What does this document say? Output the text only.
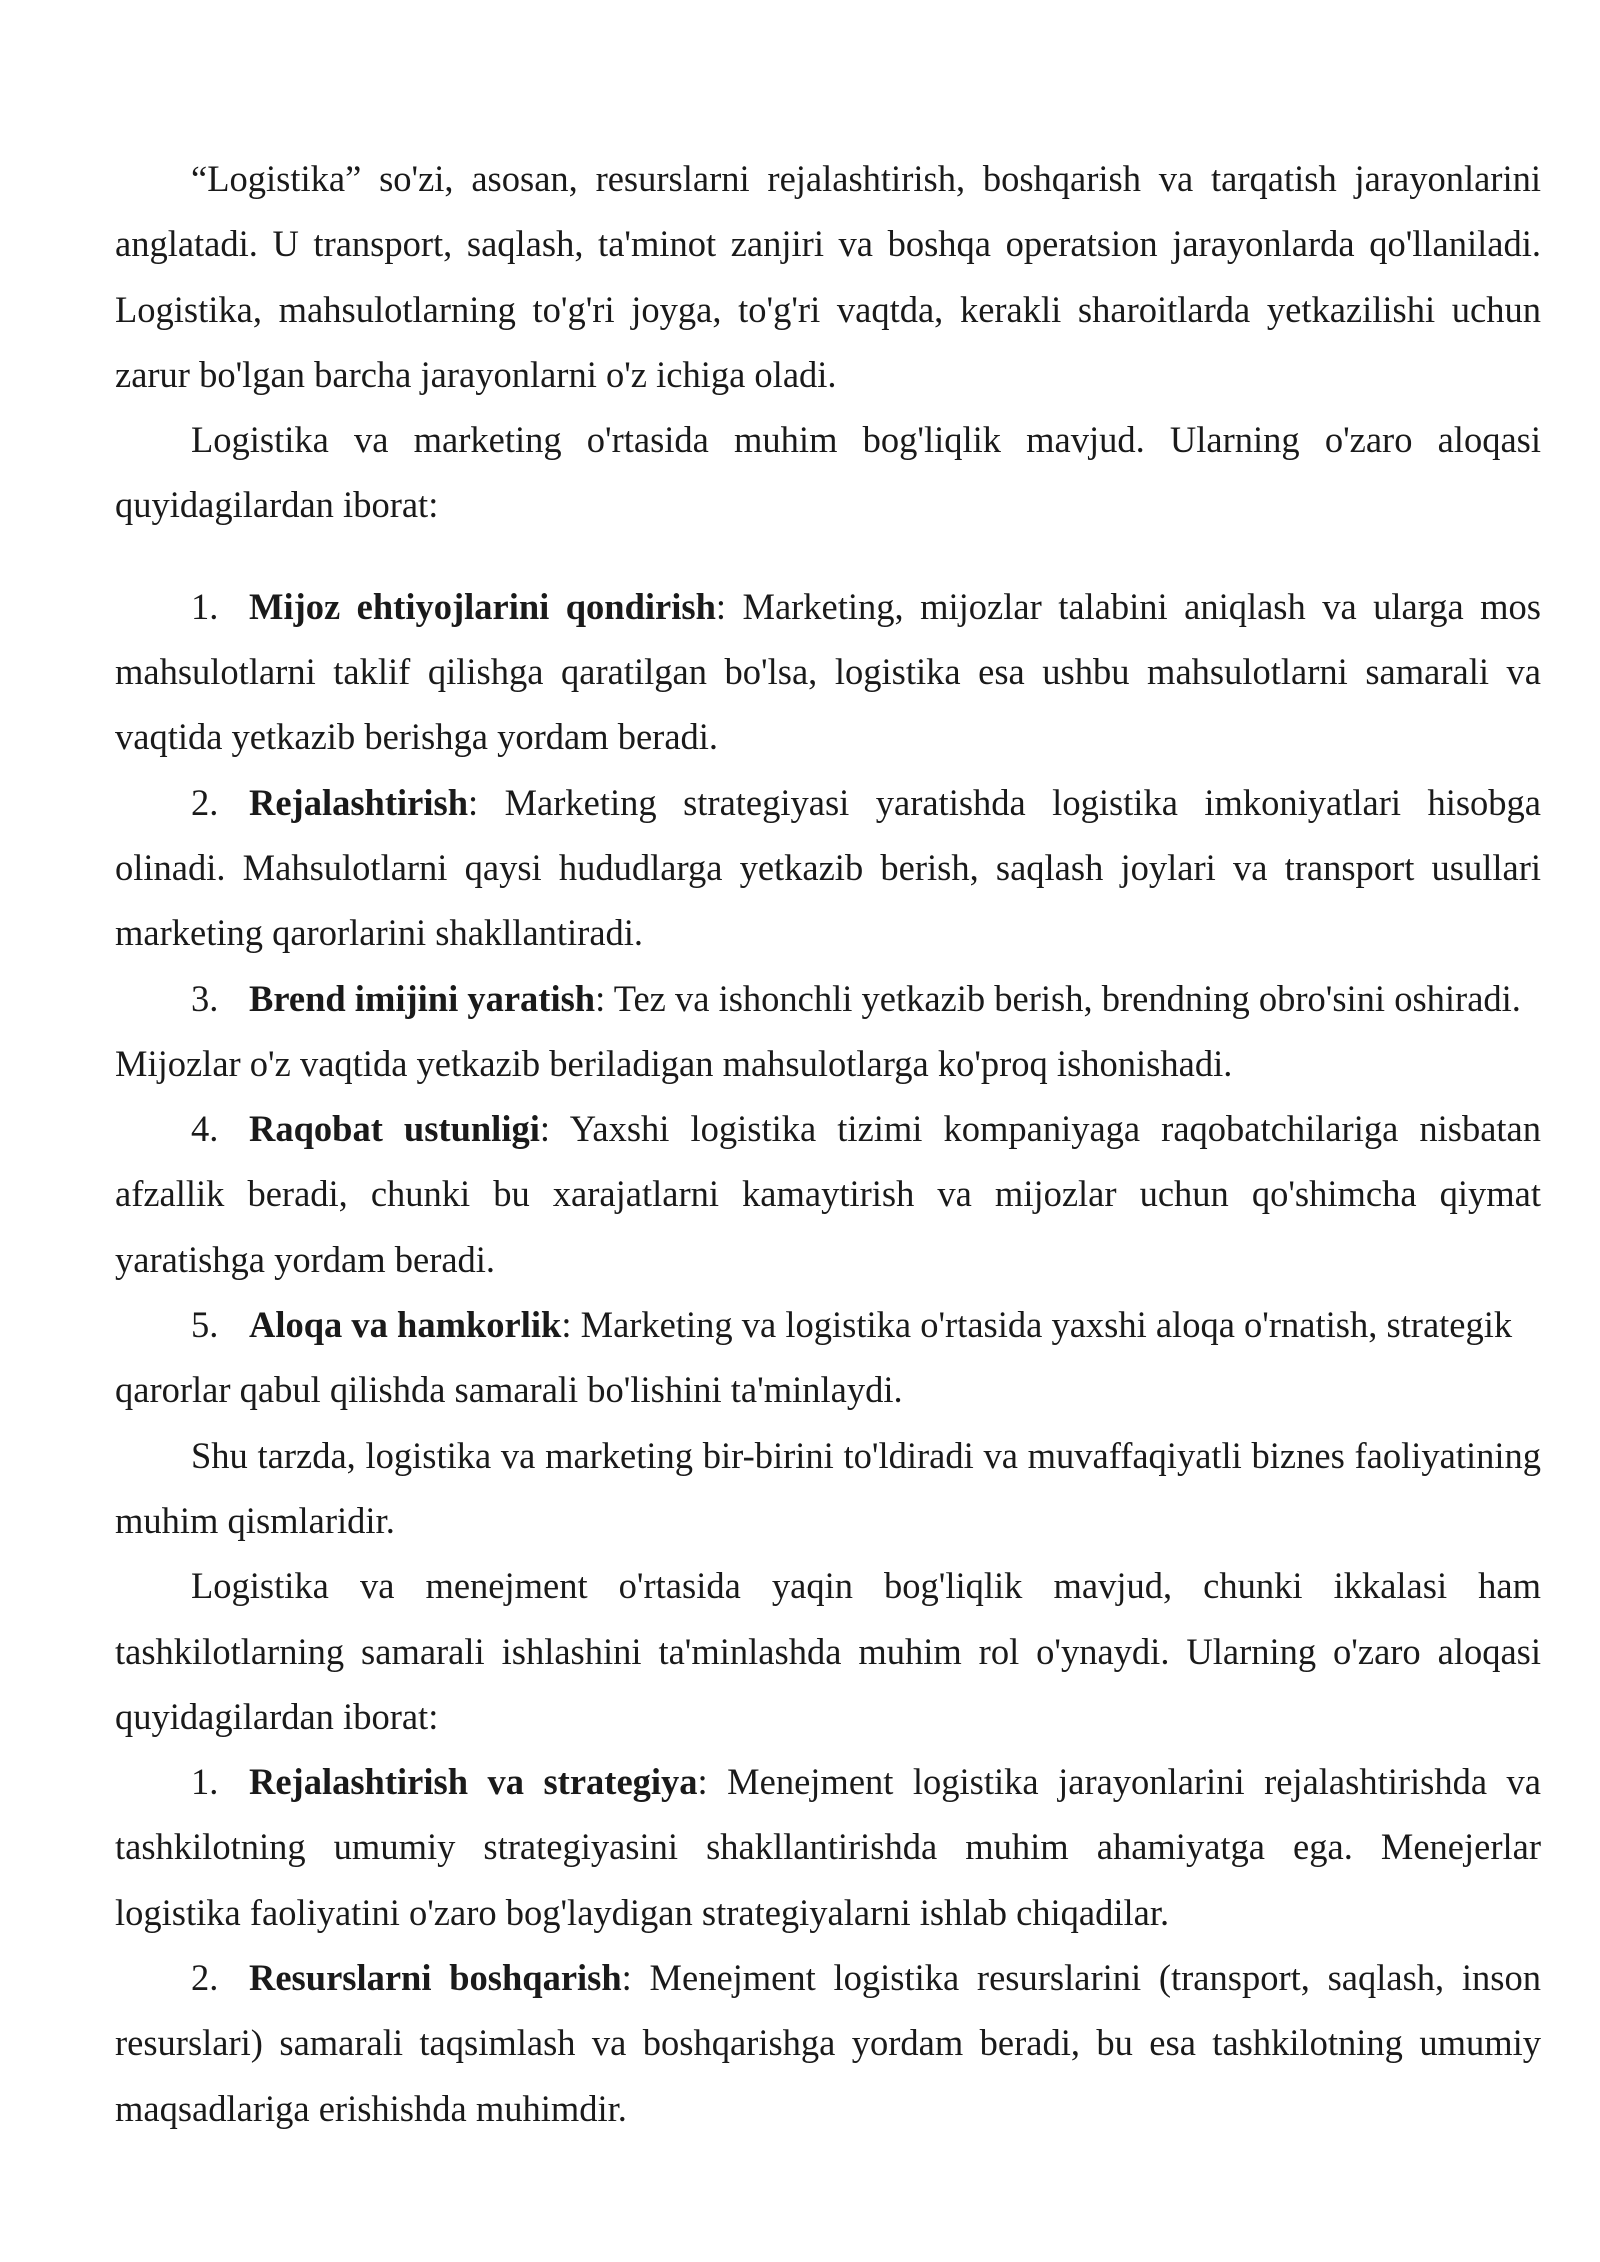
“Logistika” so'zi, asosan, resurslarni rejalashtirish, boshqarish va tarqatish jarayonlarini anglatadi. U transport, saqlash, ta'minot zanjiri va boshqa operatsion jarayonlarda qo'llaniladi. Logistika, mahsulotlarning to'g'ri joyga, to'g'ri vaqtda, kerakli sharoitlarda yetkazilishi uchun zarur bo'lgan barcha jarayonlarni o'z ichiga oladi.

Logistika va marketing o'rtasida muhim bog'liqlik mavjud. Ularning o'zaro aloqasi quyidagilardan iborat:

1. Mijoz ehtiyojlarini qondirish: Marketing, mijozlar talabini aniqlash va ularga mos mahsulotlarni taklif qilishga qaratilgan bo'lsa, logistika esa ushbu mahsulotlarni samarali va vaqtida yetkazib berishga yordam beradi.

2. Rejalashtirish: Marketing strategiyasi yaratishda logistika imkoniyatlari hisobga olinadi. Mahsulotlarni qaysi hududlarga yetkazib berish, saqlash joylari va transport usullari marketing qarorlarini shakllantiradi.

3. Brend imijini yaratish: Tez va ishonchli yetkazib berish, brendning obro'sini oshiradi. Mijozlar o'z vaqtida yetkazib beriladigan mahsulotlarga ko'proq ishonishadi.

4. Raqobat ustunligi: Yaxshi logistika tizimi kompaniyaga raqobatchilariga nisbatan afzallik beradi, chunki bu xarajatlarni kamaytirish va mijozlar uchun qo'shimcha qiymat yaratishga yordam beradi.

5. Aloqa va hamkorlik: Marketing va logistika o'rtasida yaxshi aloqa o'rnatish, strategik qarorlar qabul qilishda samarali bo'lishini ta'minlaydi.

Shu tarzda, logistika va marketing bir-birini to'ldiradi va muvaffaqiyatli biznes faoliyatining muhim qismlaridir.

Logistika va menejment o'rtasida yaqin bog'liqlik mavjud, chunki ikkalasi ham tashkilotlarning samarali ishlashini ta'minlashda muhim rol o'ynaydi. Ularning o'zaro aloqasi quyidagilardan iborat:

1. Rejalashtirish va strategiya: Menejment logistika jarayonlarini rejalashtirishda va tashkilotning umumiy strategiyasini shakllantirishda muhim ahamiyatga ega. Menejerlar logistika faoliyatini o'zaro bog'laydigan strategiyalarni ishlab chiqadilar.

2. Resurslarni boshqarish: Menejment logistika resurslarini (transport, saqlash, inson resurslari) samarali taqsimlash va boshqarishga yordam beradi, bu esa tashkilotning umumiy maqsadlariga erishishda muhimdir.
